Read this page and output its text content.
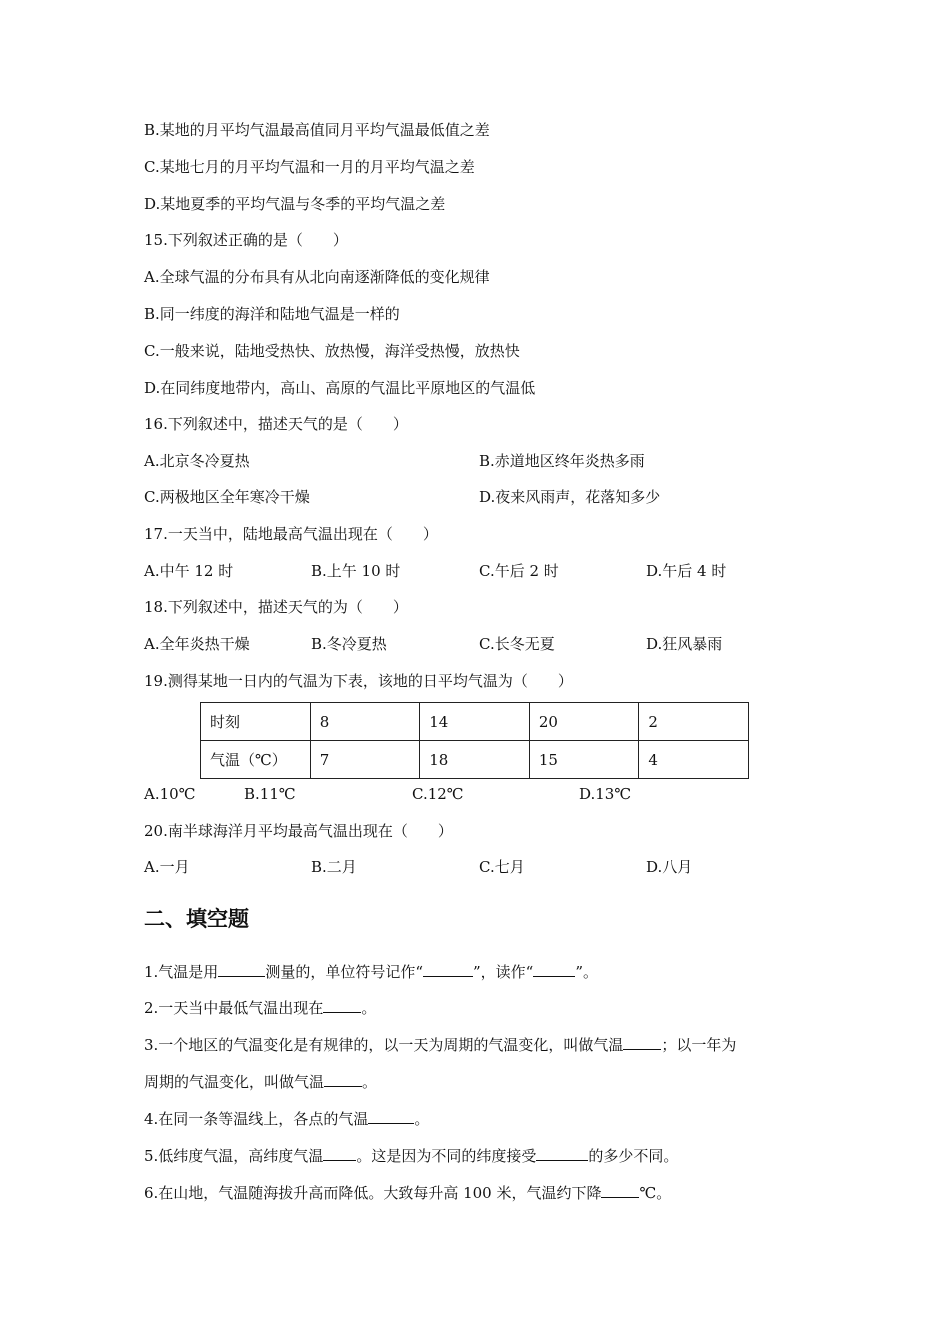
B.某地的月平均气温最高值同月平均气温最低值之差
C.某地七月的月平均气温和一月的月平均气温之差
D.某地夏季的平均气温与冬季的平均气温之差
15.下列叙述正确的是（　　）
A.全球气温的分布具有从北向南逐渐降低的变化规律
B.同一纬度的海洋和陆地气温是一样的
C.一般来说，陆地受热快、放热慢，海洋受热慢，放热快
D.在同纬度地带内，高山、高原的气温比平原地区的气温低
16.下列叙述中，描述天气的是（　　）
A.北京冬冷夏热	B.赤道地区终年炎热多雨
C.两极地区全年寒冷干燥	D.夜来风雨声，花落知多少
17.一天当中，陆地最高气温出现在（　　）
A.中午 12 时	B.上午 10 时	C.午后 2 时	D.午后 4 时
18.下列叙述中，描述天气的为（　　）
A.全年炎热干燥	B.冬冷夏热	C.长冬无夏	D.狂风暴雨
19.测得某地一日内的气温为下表，该地的日平均气温为（　　）
时刻	8	14	20	2
气温（℃）	7	18	15	4
A.10℃	B.11℃	C.12℃	D.13℃
20.南半球海洋月平均最高气温出现在（　　）
A.一月	B.二月	C.七月	D.八月
二、填空题
1.气温是用	测量的，单位符号记作“	”，读作“	”。
2.一天当中最低气温出现在	。
3.一个地区的气温变化是有规律的，以一天为周期的气温变化，叫做气温	；以一年为
周期的气温变化，叫做气温	。
4.在同一条等温线上，各点的气温	。
5.低纬度气温，高纬度气温 。这是因为不同的纬度接受	的多少不同。
6.在山地，气温随海拔升高而降低。大致每升高 100 米，气温约下降	℃。
